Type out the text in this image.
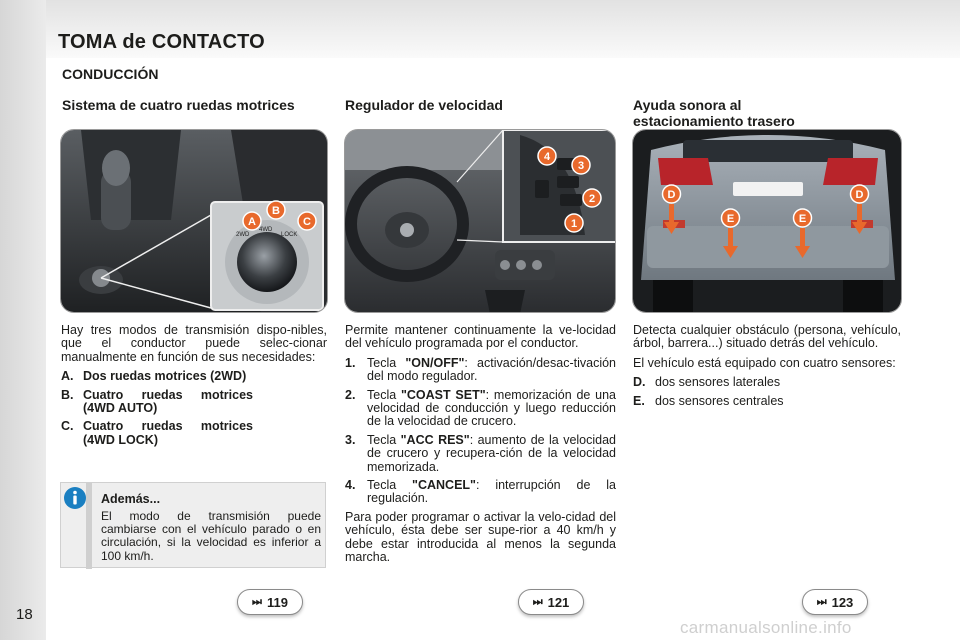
TOMA de CONTACTO
CONDUCCIÓN
Sistema de cuatro ruedas motrices
2WD
4WD
LOCK
A
B
C

Hay tres modos de transmisión dispo-nibles, que el conductor puede selec-cionar manualmente en función de sus necesidades:

A. Dos ruedas motrices (2WD)
B. Cuatro ruedas motrices (4WD AUTO)
C. Cuatro ruedas motrices (4WD LOCK)
Además...
El modo de transmisión puede cambiarse con el vehículo parado o en circulación, si la velocidad es inferior a 100 km/h.
⏭ 119
Regulador de velocidad
4
3
2
1

Permite mantener continuamente la ve-locidad del vehículo programada por el conductor.

1. Tecla "ON/OFF": activación/desac-tivación del modo regulador.
2. Tecla "COAST SET": memorización de una velocidad de conducción y luego reducción de la velocidad de crucero.
3. Tecla "ACC RES": aumento de la velocidad de crucero y recupera-ción de la velocidad memorizada.
4. Tecla "CANCEL": interrupción de la regulación.

Para poder programar o activar la velo-cidad del vehículo, ésta debe ser supe-rior a 40 km/h y debe estar introducida al menos la segunda marcha.

⏭ 121
Ayuda sonora al
estacionamiento trasero
D
E	E
D

Detecta cualquier obstáculo (persona, vehículo, árbol, barrera...) situado detrás del vehículo.

El vehículo está equipado con cuatro sensores:

D. dos sensores laterales
E. dos sensores centrales
⏭ 123
18
carmanualsonline.info
